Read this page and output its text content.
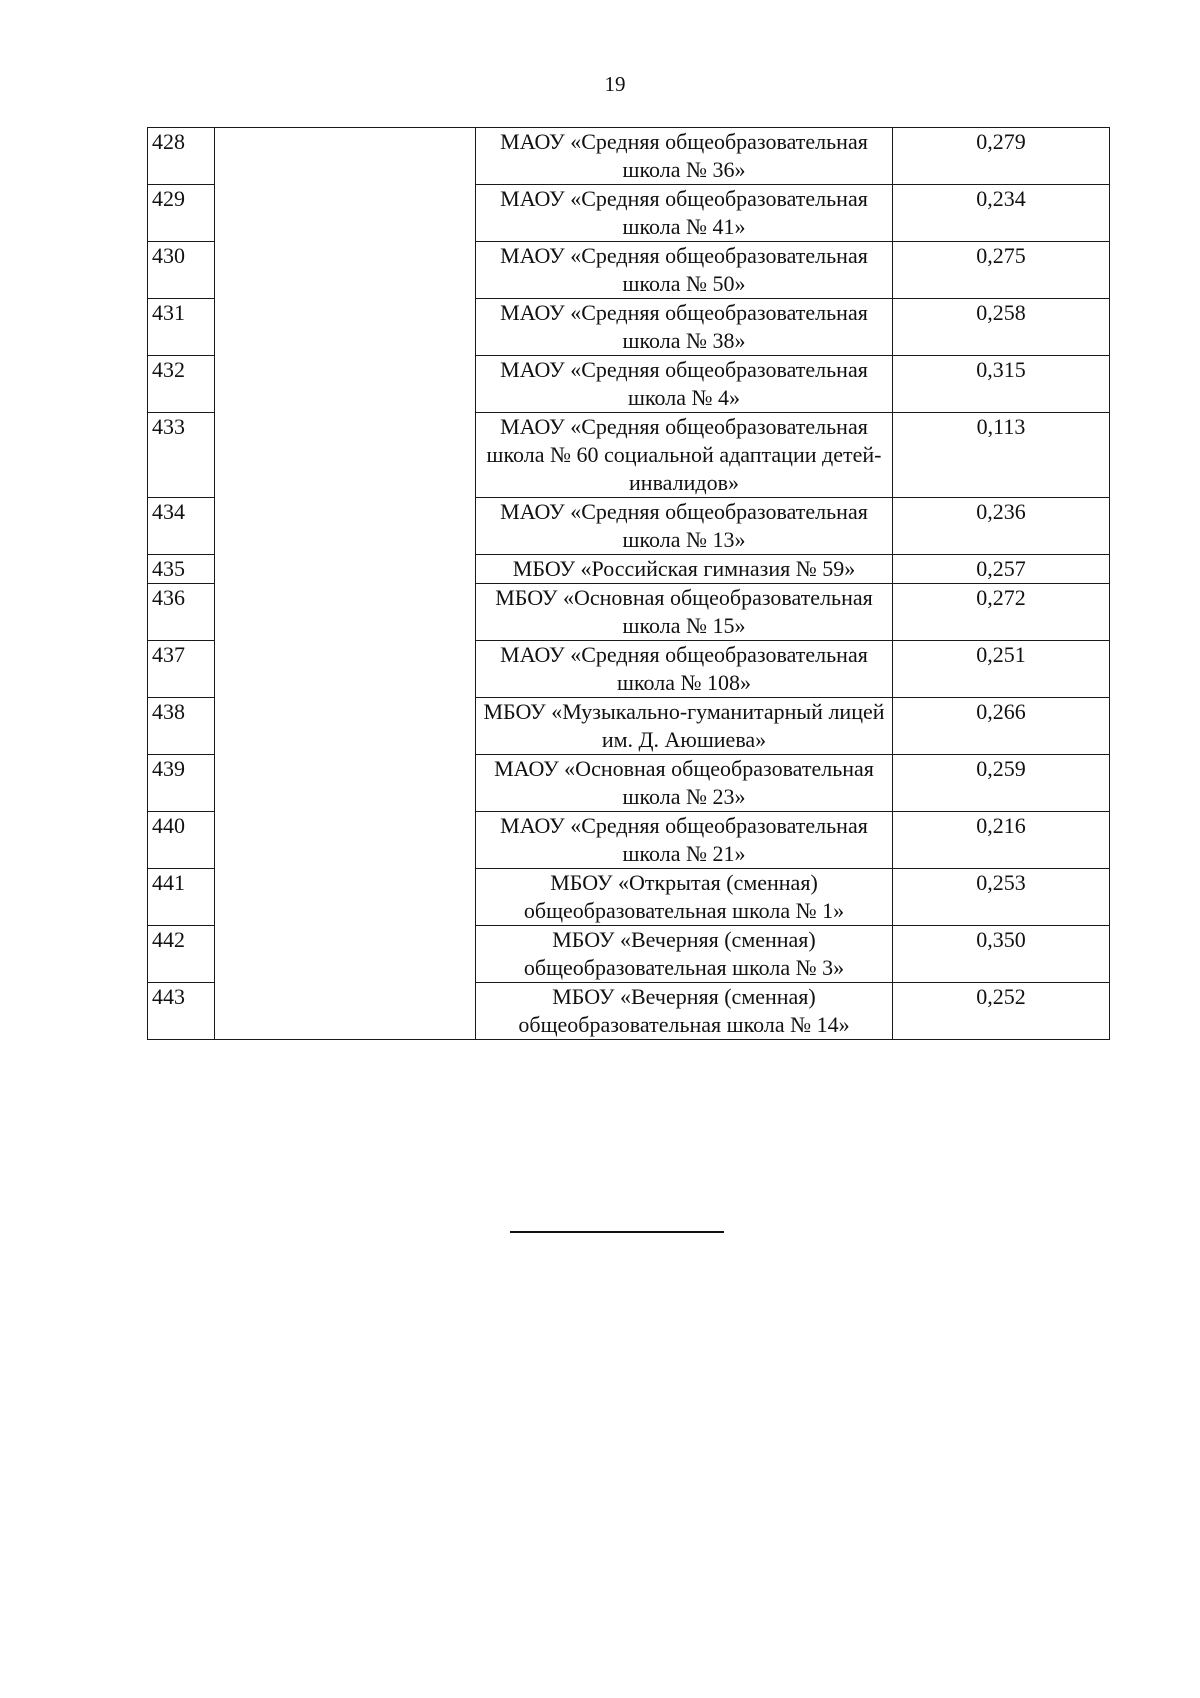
19
428		МАОУ «Средняя общеобразовательная школа № 36»	0,279
429		МАОУ «Средняя общеобразовательная школа № 41»	0,234
430		МАОУ «Средняя общеобразовательная школа № 50»	0,275
431		МАОУ «Средняя общеобразовательная школа № 38»	0,258
432		МАОУ «Средняя общеобразовательная школа № 4»	0,315
433		МАОУ «Средняя общеобразовательная школа № 60 социальной адаптации детей-инвалидов»	0,113
434		МАОУ «Средняя общеобразовательная школа № 13»	0,236
435		МБОУ «Российская гимназия № 59»	0,257
436		МБОУ «Основная общеобразовательная школа № 15»	0,272
437		МАОУ «Средняя общеобразовательная школа № 108»	0,251
438		МБОУ «Музыкально-гуманитарный лицей им. Д. Аюшиева»	0,266
439		МАОУ «Основная общеобразовательная школа № 23»	0,259
440		МАОУ «Средняя общеобразовательная школа № 21»	0,216
441		МБОУ «Открытая (сменная) общеобразовательная школа № 1»	0,253
442		МБОУ «Вечерняя (сменная) общеобразовательная школа № 3»	0,350
443		МБОУ «Вечерняя (сменная) общеобразовательная школа № 14»	0,252
